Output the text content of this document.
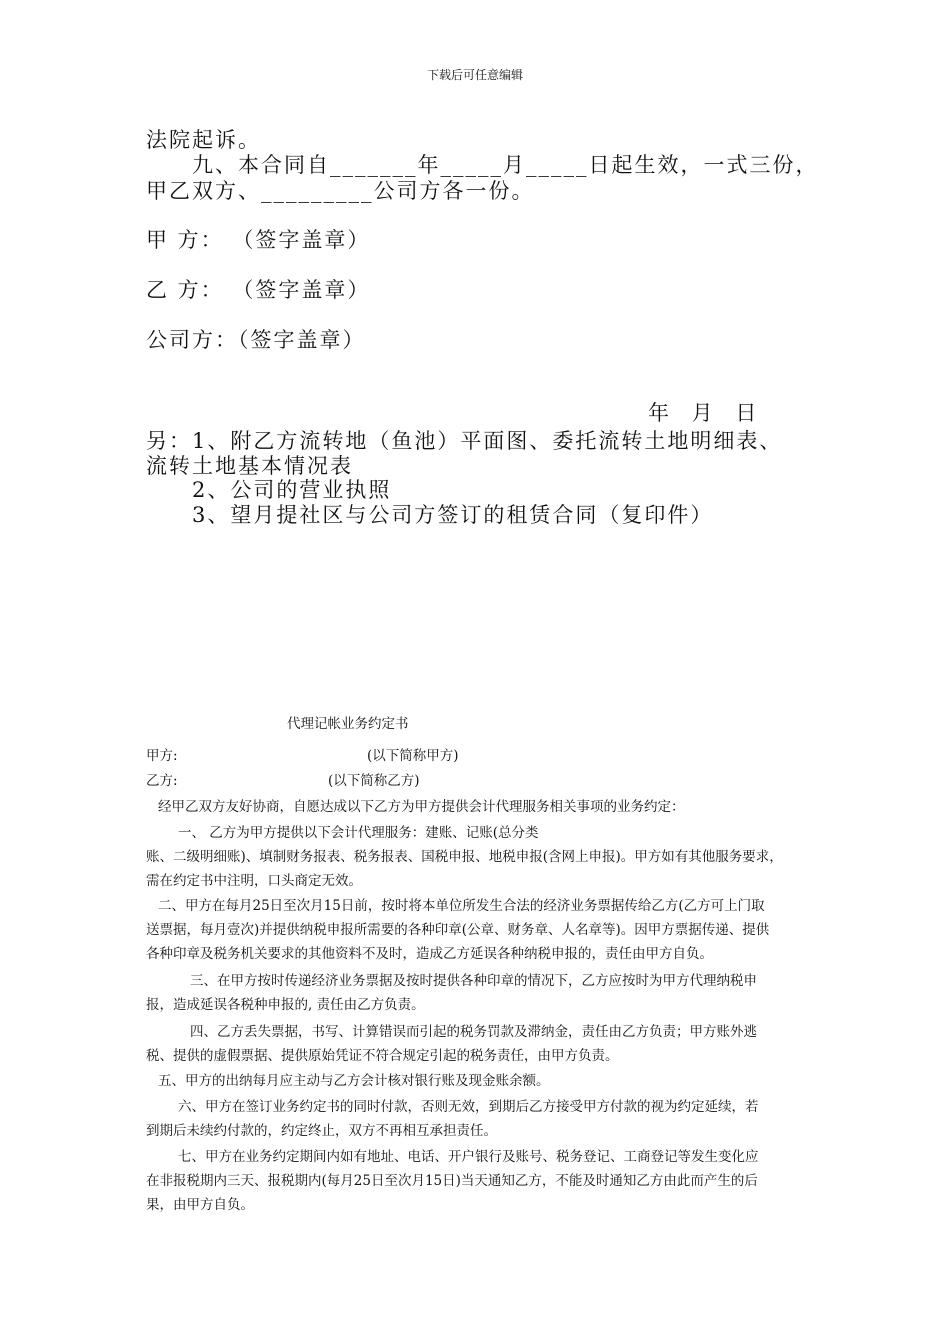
下载后可任意编辑
法院起诉。
九、本合同自_______年_____月_____日起生效，一式三份，
甲乙双方、_________公司方各一份。
甲 方： （签字盖章）
乙 方： （签字盖章）
公司方：（签字盖章）
年 月 日
另：1、附乙方流转地（鱼池）平面图、委托流转土地明细表、
流转土地基本情况表
2、公司的营业执照
3、望月提社区与公司方签订的租赁合同（复印件）
代理记帐业务约定书
甲方:	(以下简称甲方)
乙方:	(以下简称乙方)
经甲乙双方友好协商，自愿达成以下乙方为甲方提供会计代理服务相关事项的业务约定：
一、 乙方为甲方提供以下会计代理服务：建账、记账(总分类
账、二级明细账)、填制财务报表、税务报表、国税申报、地税申报(含网上申报)。甲方如有其他服务要求，
需在约定书中注明，口头商定无效。
二、甲方在每月25日至次月15日前，按时将本单位所发生合法的经济业务票据传给乙方(乙方可上门取
送票据，每月壹次)并提供纳税申报所需要的各种印章(公章、财务章、人名章等)。因甲方票据传递、提供
各种印章及税务机关要求的其他资料不及时，造成乙方延误各种纳税申报的，责任由甲方自负。
三、在甲方按时传递经济业务票据及按时提供各种印章的情况下，乙方应按时为甲方代理纳税申
报，造成延误各税种申报的, 责任由乙方负责。
四、乙方丢失票据，书写、计算错误而引起的税务罚款及滞纳金，责任由乙方负责；甲方账外逃
税、提供的虚假票据、提供原始凭证不符合规定引起的税务责任，由甲方负责。
五、甲方的出纳每月应主动与乙方会计核对银行账及现金账余额。
六、甲方在签订业务约定书的同时付款，否则无效，到期后乙方接受甲方付款的视为约定延续，若
到期后未续约付款的，约定终止，双方不再相互承担责任。
七、甲方在业务约定期间内如有地址、电话、开户银行及账号、税务登记、工商登记等发生变化应
在非报税期内三天、报税期内(每月25日至次月15日)当天通知乙方，不能及时通知乙方由此而产生的后
果，由甲方自负。
